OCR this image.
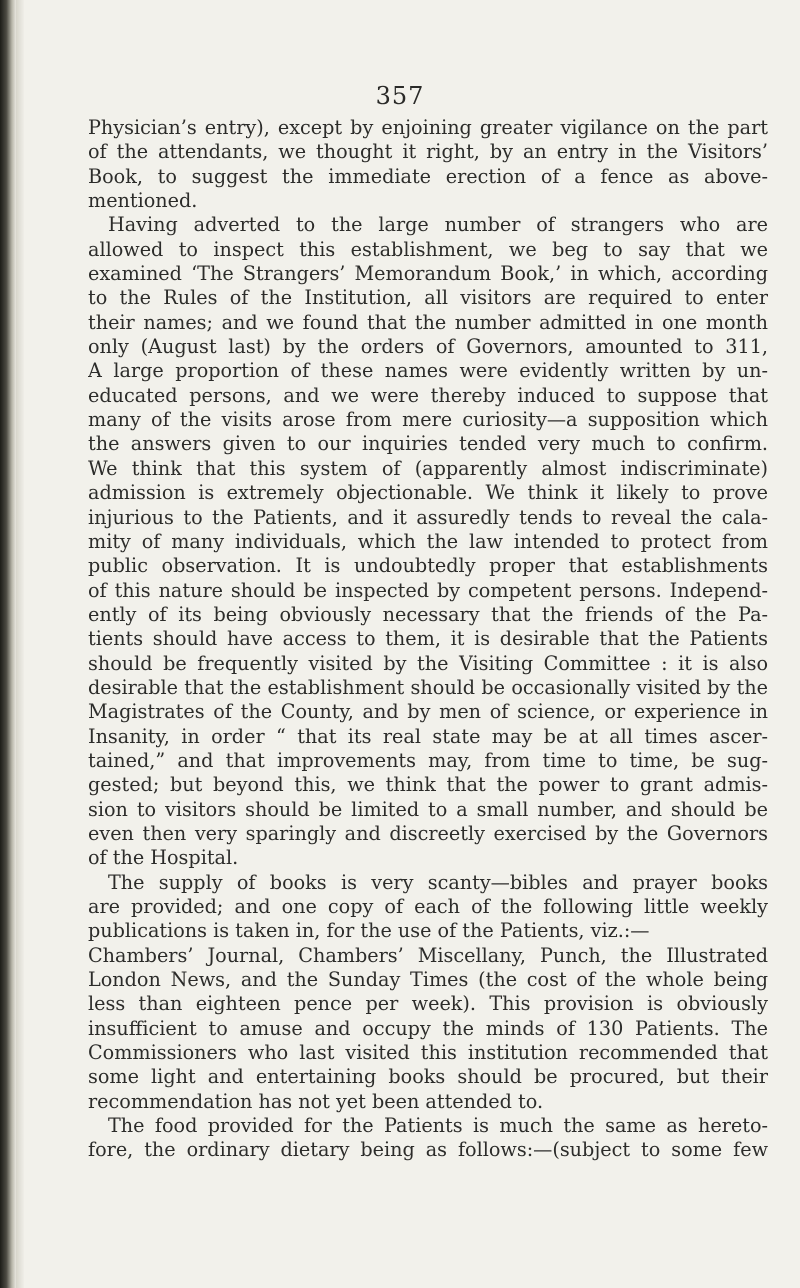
357
Physician’s entry), except by enjoining greater vigilance on the part
of the attendants, we thought it right, by an entry in the Visitors’
Book, to suggest the immediate erection of a fence as above-
mentioned.
Having adverted to the large number of strangers who are
allowed to inspect this establishment, we beg to say that we
examined ‘The Strangers’ Memorandum Book,’ in which, according
to the Rules of the Institution, all visitors are required to enter
their names; and we found that the number admitted in one month
only (August last) by the orders of Governors, amounted to 311,
A large proportion of these names were evidently written by un-
educated persons, and we were thereby induced to suppose that
many of the visits arose from mere curiosity—a supposition which
the answers given to our inquiries tended very much to confirm.
We think that this system of (apparently almost indiscriminate)
admission is extremely objectionable. We think it likely to prove
injurious to the Patients, and it assuredly tends to reveal the cala-
mity of many individuals, which the law intended to protect from
public observation. It is undoubtedly proper that establishments
of this nature should be inspected by competent persons. Independ-
ently of its being obviously necessary that the friends of the Pa-
tients should have access to them, it is desirable that the Patients
should be frequently visited by the Visiting Committee : it is also
desirable that the establishment should be occasionally visited by the
Magistrates of the County, and by men of science, or experience in
Insanity, in order “ that its real state may be at all times ascer-
tained,” and that improvements may, from time to time, be sug-
gested; but beyond this, we think that the power to grant admis-
sion to visitors should be limited to a small number, and should be
even then very sparingly and discreetly exercised by the Governors
of the Hospital.
The supply of books is very scanty—bibles and prayer books
are provided; and one copy of each of the following little weekly
publications is taken in, for the use of the Patients, viz.:—
Chambers’ Journal, Chambers’ Miscellany, Punch, the Illustrated
London News, and the Sunday Times (the cost of the whole being
less than eighteen pence per week). This provision is obviously
insufficient to amuse and occupy the minds of 130 Patients. The
Commissioners who last visited this institution recommended that
some light and entertaining books should be procured, but their
recommendation has not yet been attended to.
The food provided for the Patients is much the same as hereto-
fore, the ordinary dietary being as follows:—(subject to some few
